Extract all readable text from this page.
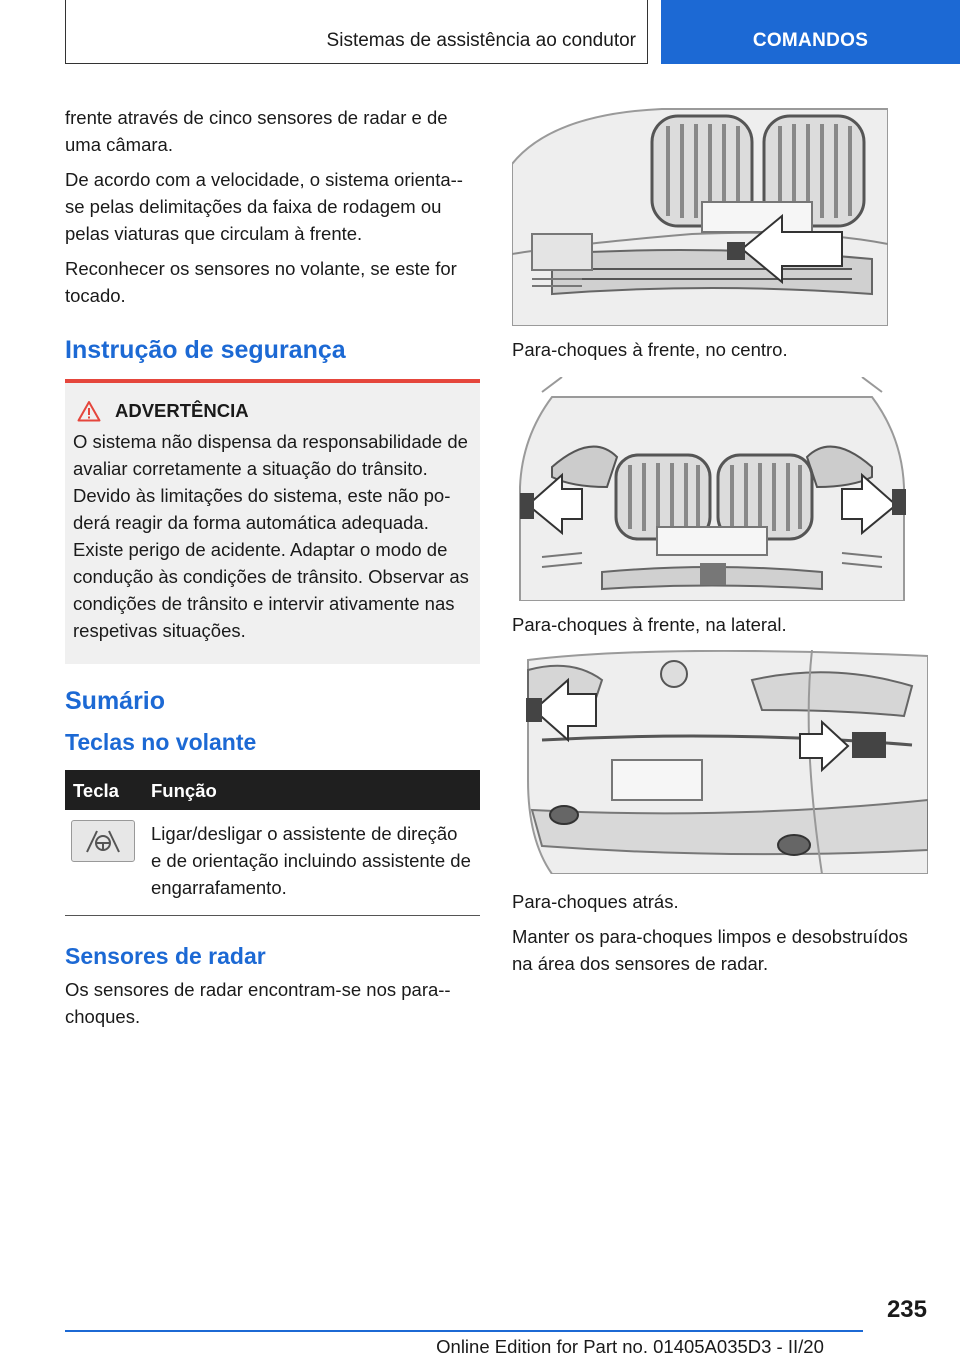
Sistemas de assistência ao condutor	COMANDOS

frente através de cinco sensores de radar e de uma câmara.

De acordo com a velocidade, o sistema orienta--se pelas delimitações da faixa de rodagem ou pelas viaturas que circulam à frente.

Reconhecer os sensores no volante, se este for tocado.

Instrução de segurança
ADVERTÊNCIA
O sistema não dispensa da responsabilidade de avaliar corretamente a situação do trânsito. Devido às limitações do sistema, este não po-derá reagir da forma automática adequada. Existe perigo de acidente. Adaptar o modo de condução às condições de trânsito. Observar as condições de trânsito e intervir ativamente nas respetivas situações.
Sumário
Teclas no volante
Tecla	Função

	Ligar/desligar o assistente de direção e de orientação incluindo assistente de engarrafamento.
Sensores de radar

Os sensores de radar encontram-se nos para--choques.

Para-choques à frente, no centro.

Para-choques à frente, na lateral.

Para-choques atrás.

Manter os para-choques limpos e desobstruídos na área dos sensores de radar.

235
Online Edition for Part no. 01405A035D3 - II/20
